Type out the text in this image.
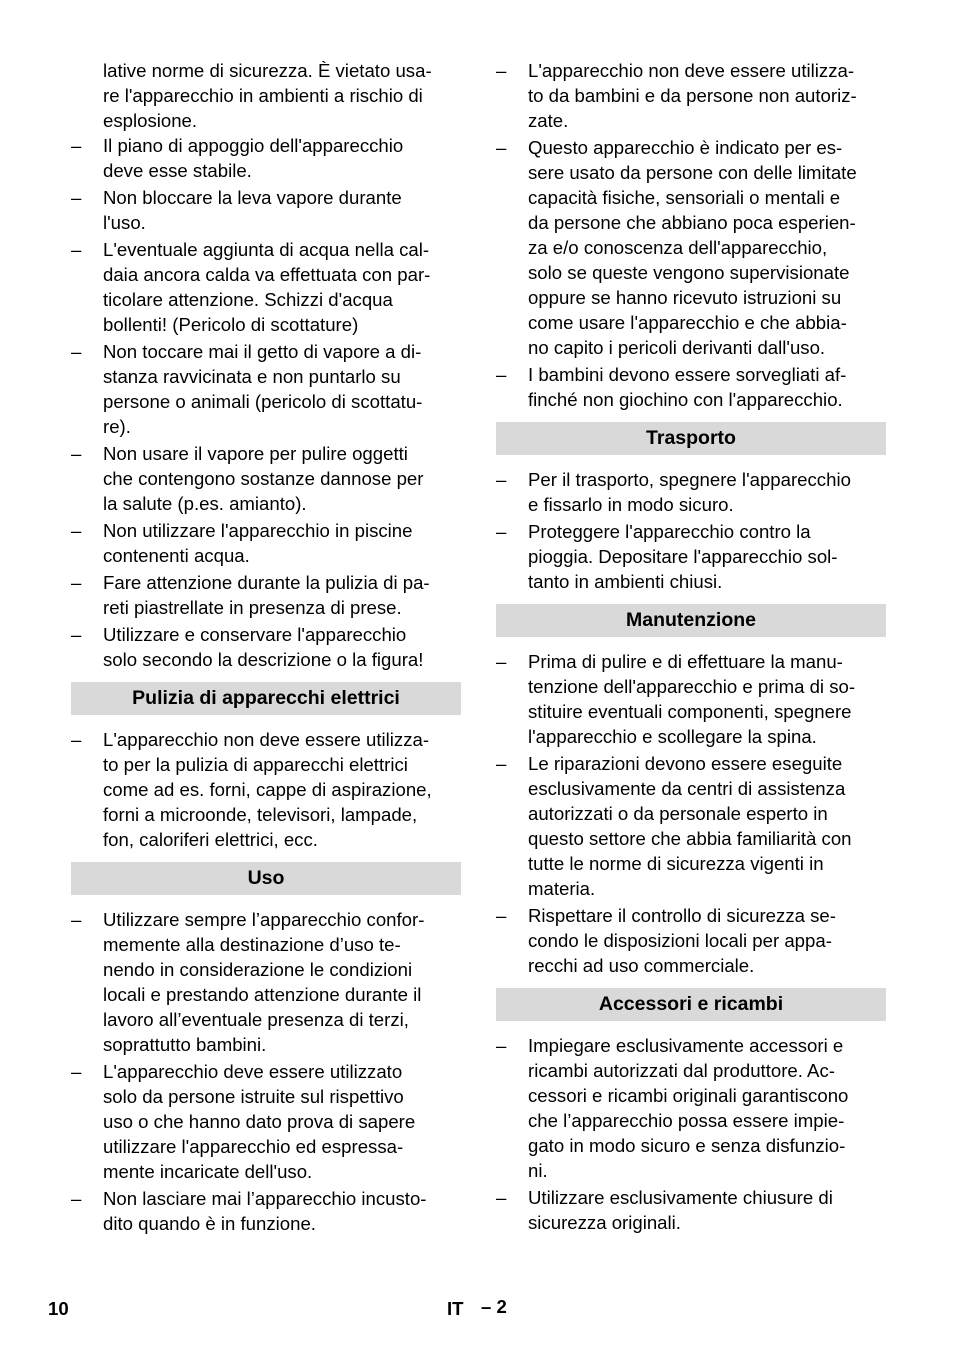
lative norme di sicurezza. È vietato usa-
re l'apparecchio in ambienti a rischio di
esplosione.

–	Il piano di appoggio dell'apparecchio
deve esse stabile.
–	Non bloccare la leva vapore durante
l'uso.
–	L'eventuale aggiunta di acqua nella cal-
daia ancora calda va effettuata con par-
ticolare attenzione. Schizzi d'acqua
bollenti! (Pericolo di scottature)
–	Non toccare mai il getto di vapore a di-
stanza ravvicinata e non puntarlo su
persone o animali (pericolo di scottatu-
re).
–	Non usare il vapore per pulire oggetti
che contengono sostanze dannose per
la salute (p.es. amianto).
–	Non utilizzare l'apparecchio in piscine
contenenti acqua.
–	Fare attenzione durante la pulizia di pa-
reti piastrellate in presenza di prese.
–	Utilizzare e conservare l'apparecchio
solo secondo la descrizione o la figura!
Pulizia di apparecchi elettrici
–	L'apparecchio non deve essere utilizza-
to per la pulizia di apparecchi elettrici
come ad es. forni, cappe di aspirazione,
forni a microonde, televisori, lampade,
fon, caloriferi elettrici, ecc.
Uso
–	Utilizzare sempre l’apparecchio confor-
memente alla destinazione d’uso te-
nendo in considerazione le condizioni
locali e prestando attenzione durante il
lavoro all’eventuale presenza di terzi,
soprattutto bambini.
–	L'apparecchio deve essere utilizzato
solo da persone istruite sul rispettivo
uso o che hanno dato prova di sapere
utilizzare l'apparecchio ed espressa-
mente incaricate dell'uso.
–	Non lasciare mai l’apparecchio incusto-
dito quando è in funzione.
–	L'apparecchio non deve essere utilizza-
to da bambini e da persone non autoriz-
zate.
–	Questo apparecchio è indicato per es-
sere usato da persone con delle limitate
capacità fisiche, sensoriali o mentali e
da persone che abbiano poca esperien-
za e/o conoscenza dell'apparecchio,
solo se queste vengono supervisionate
oppure se hanno ricevuto istruzioni su
come usare l'apparecchio e che abbia-
no capito i pericoli derivanti dall'uso.
–	I bambini devono essere sorvegliati af-
finché non giochino con l'apparecchio.
Trasporto
–	Per il trasporto, spegnere l'apparecchio
e fissarlo in modo sicuro.
–	Proteggere l'apparecchio contro la
pioggia. Depositare l'apparecchio sol-
tanto in ambienti chiusi.
Manutenzione
–	Prima di pulire e di effettuare la manu-
tenzione dell'apparecchio e prima di so-
stituire eventuali componenti, spegnere
l'apparecchio e scollegare la spina.
–	Le riparazioni devono essere eseguite
esclusivamente da centri di assistenza
autorizzati o da personale esperto in
questo settore che abbia familiarità con
tutte le norme di sicurezza vigenti in
materia.
–	Rispettare il controllo di sicurezza se-
condo le disposizioni locali per appa-
recchi ad uso commerciale.
Accessori e ricambi
–	Impiegare esclusivamente accessori e
ricambi autorizzati dal produttore. Ac-
cessori e ricambi originali garantiscono
che l’apparecchio possa essere impie-
gato in modo sicuro e senza disfunzio-
ni.
–	Utilizzare esclusivamente chiusure di
sicurezza originali.
10	IT – 2
